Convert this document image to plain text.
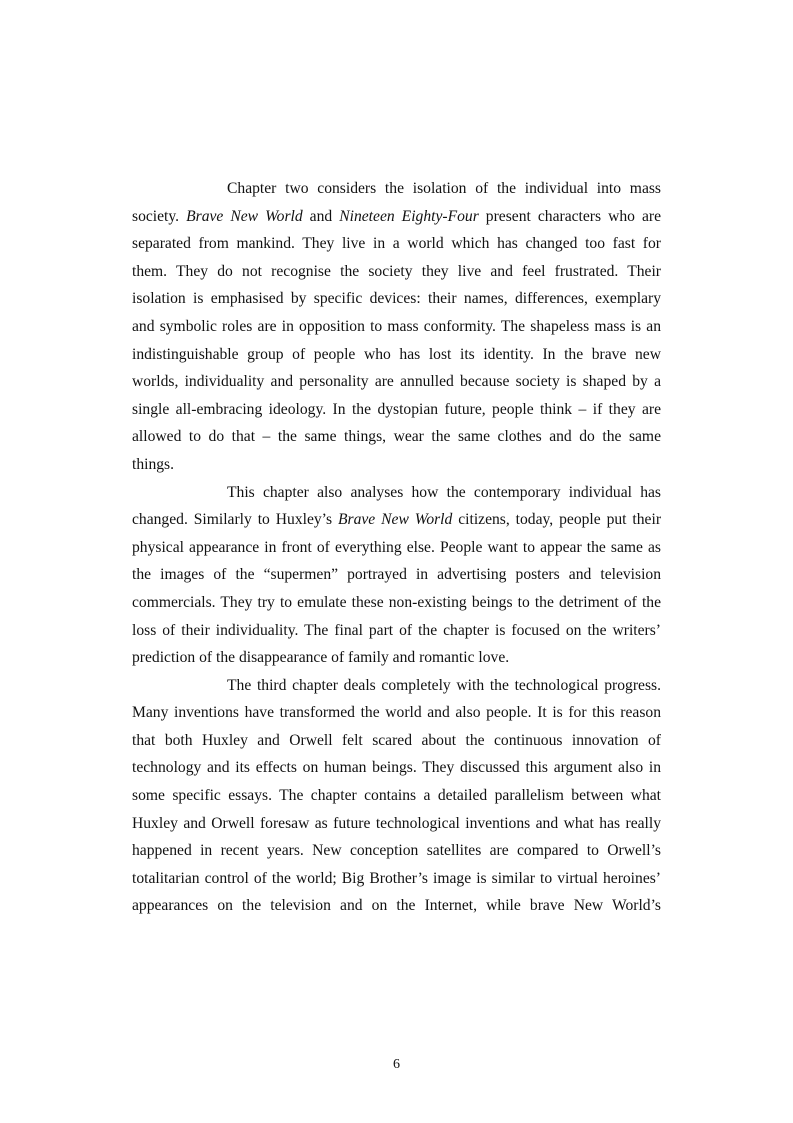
Chapter two considers the isolation of the individual into mass
society. Brave New World and Nineteen Eighty-Four present characters who are
separated from mankind. They live in a world which has changed too fast for
them. They do not recognise the society they live and feel frustrated. Their
isolation is emphasised by specific devices: their names, differences, exemplary
and symbolic roles are in opposition to mass conformity. The shapeless mass is an
indistinguishable group of people who has lost its identity. In the brave new
worlds, individuality and personality are annulled because society is shaped by a
single all-embracing ideology. In the dystopian future, people think – if they are
allowed to do that – the same things, wear the same clothes and do the same
things.
This chapter also analyses how the contemporary individual has
changed. Similarly to Huxley’s Brave New World citizens, today, people put their
physical appearance in front of everything else. People want to appear the same as
the images of the “supermen” portrayed in advertising posters and television
commercials. They try to emulate these non-existing beings to the detriment of the
loss of their individuality. The final part of the chapter is focused on the writers’
prediction of the disappearance of family and romantic love.
The third chapter deals completely with the technological progress.
Many inventions have transformed the world and also people. It is for this reason
that both Huxley and Orwell felt scared about the continuous innovation of
technology and its effects on human beings. They discussed this argument also in
some specific essays. The chapter contains a detailed parallelism between what
Huxley and Orwell foresaw as future technological inventions and what has really
happened in recent years. New conception satellites are compared to Orwell’s
totalitarian control of the world; Big Brother’s image is similar to virtual heroines’
appearances on the television and on the Internet, while brave New World’s
6
